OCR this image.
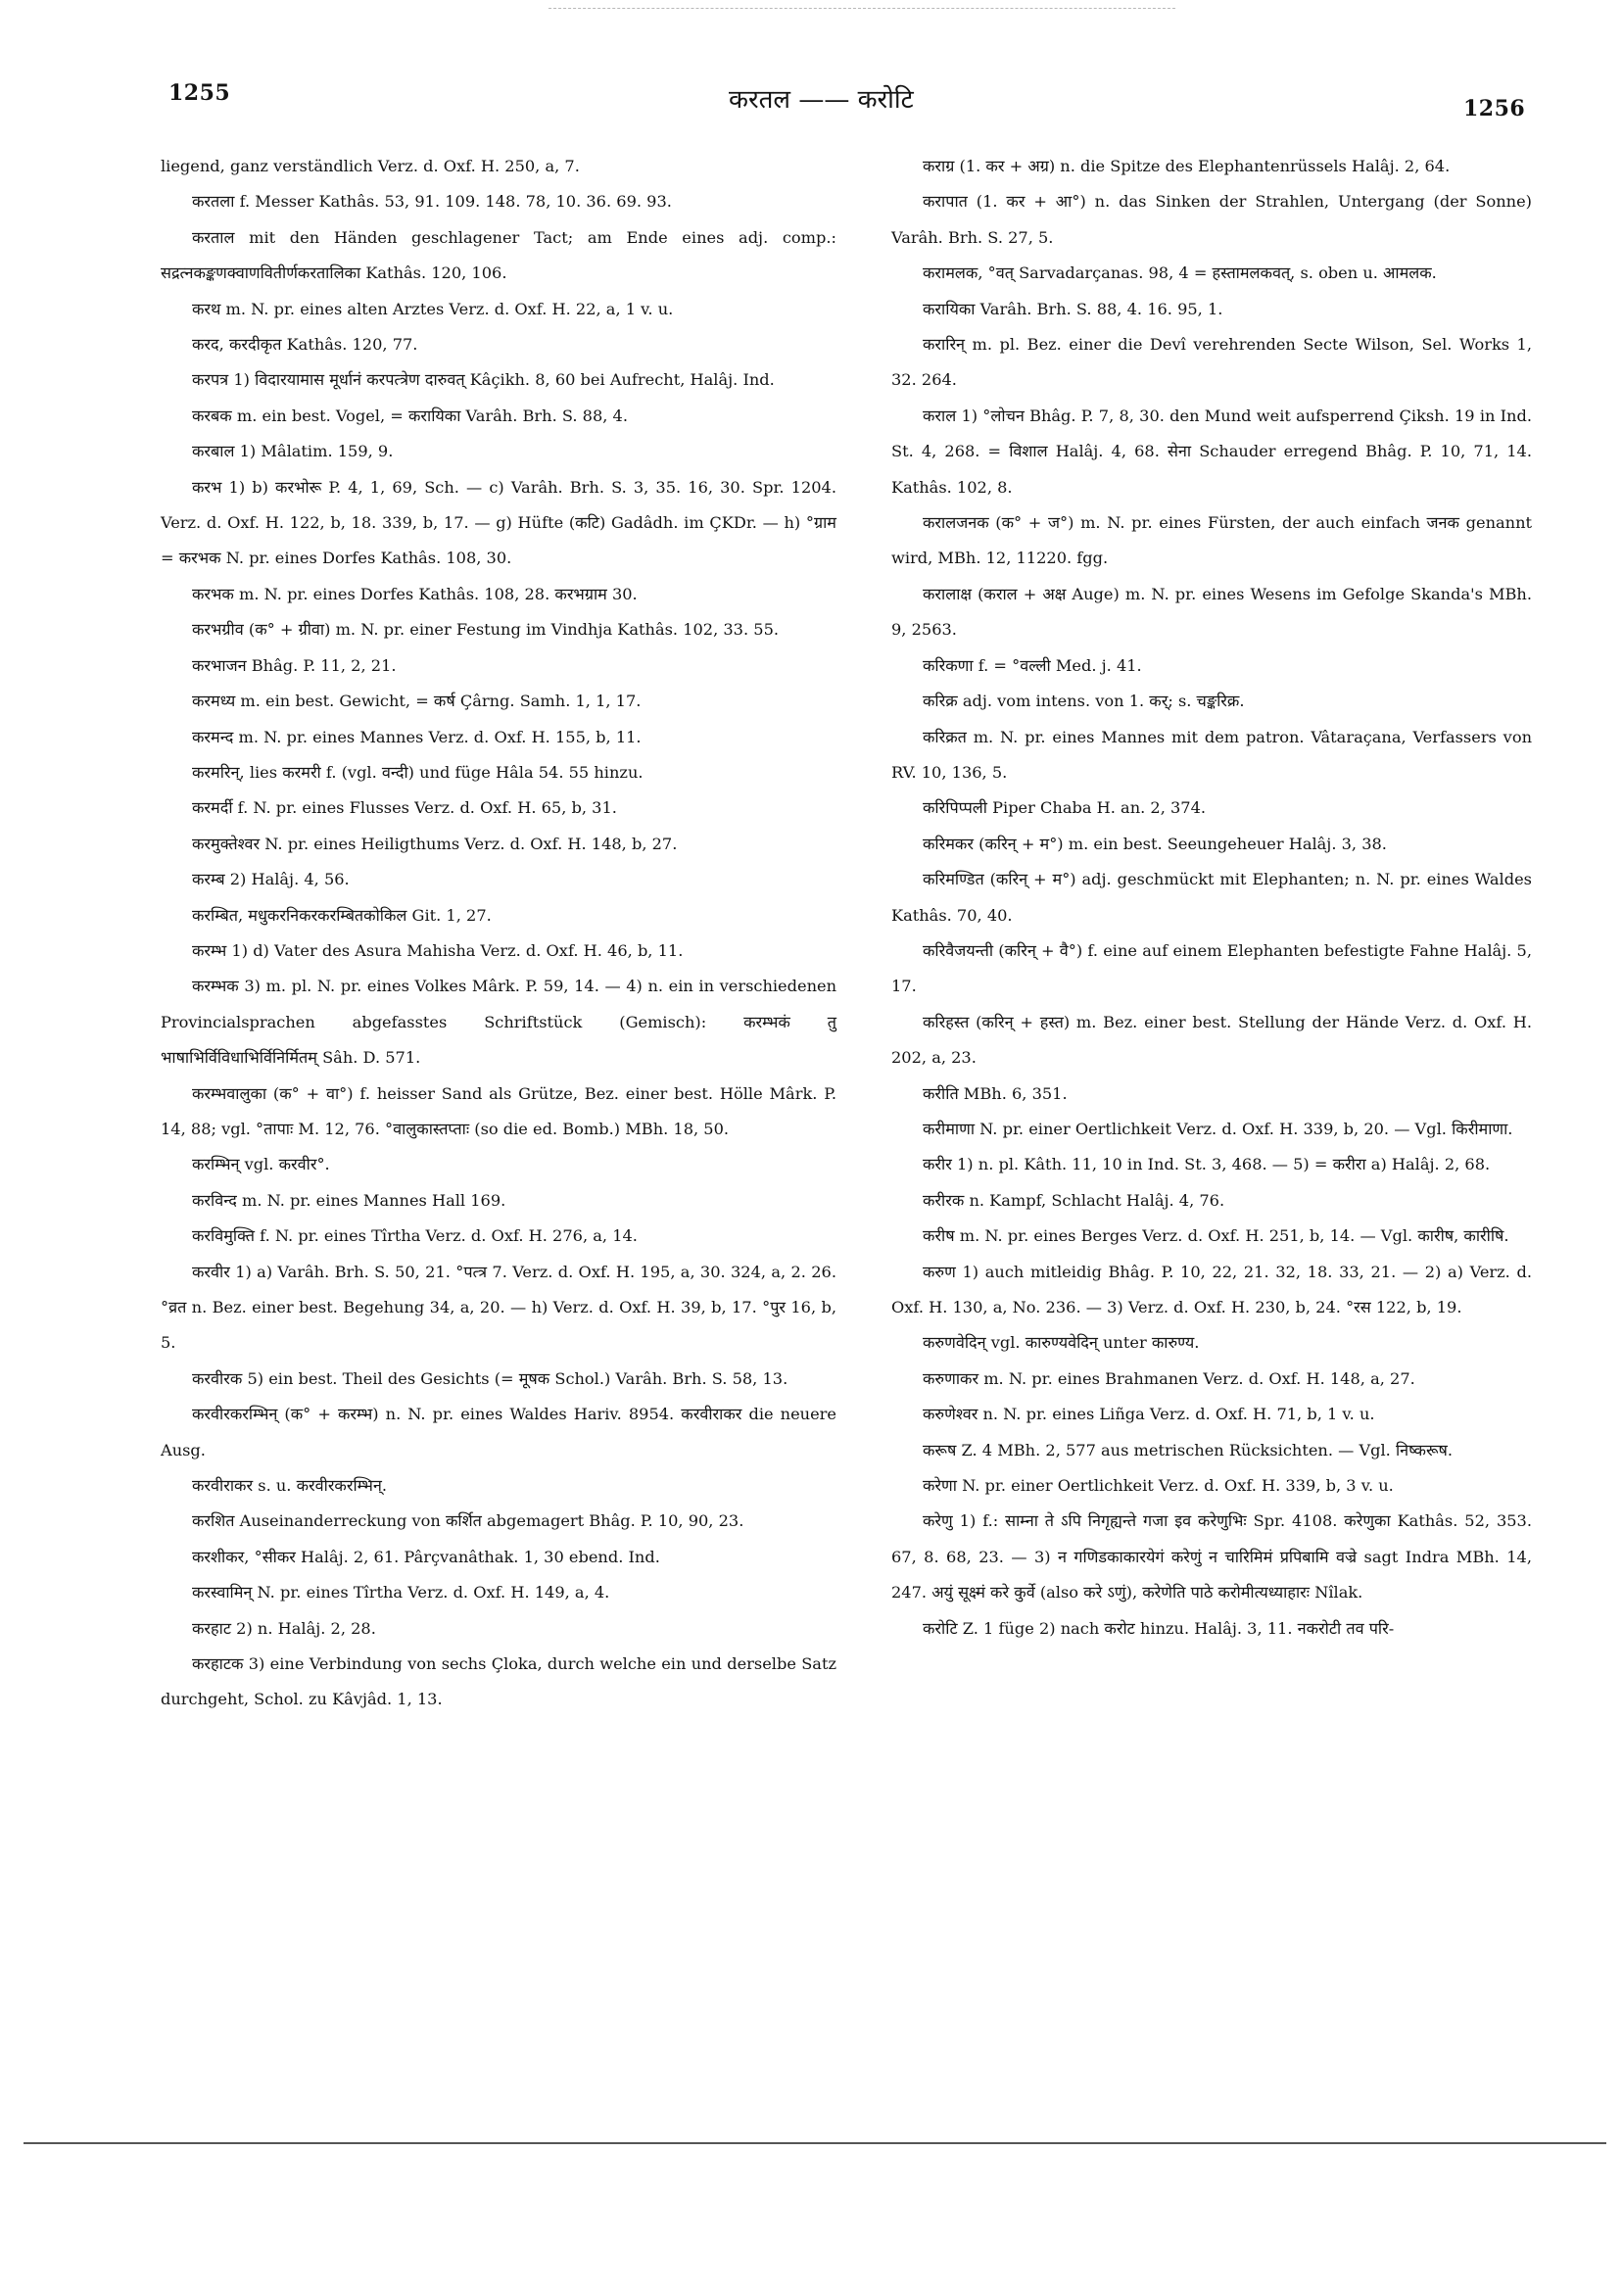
1255	करतल —— करोटि	1256

liegend, ganz verständlich Verz. d. Oxf. H. 250, a, 7.

करतला f. Messer Kathâs. 53, 91. 109. 148. 78, 10. 36. 69. 93.

करताल mit den Händen geschlagener Tact; am Ende eines adj. comp.: सद्रत्नकङ्कणक्वाणवितीर्णकरतालिका Kathâs. 120, 106.

करथ m. N. pr. eines alten Arztes Verz. d. Oxf. H. 22, a, 1 v. u.

करद, करदीकृत Kathâs. 120, 77.

करपत्र 1) विदारयामास मूर्धानं करपत्त्रेण दारुवत् Kâçikh. 8, 60 bei Aufrecht, Halâj. Ind.

करबक m. ein best. Vogel, = करायिका Varâh. Brh. S. 88, 4.

करबाल 1) Mâlatim. 159, 9.

करभ 1) b) करभोरू P. 4, 1, 69, Sch. — c) Varâh. Brh. S. 3, 35. 16, 30. Spr. 1204. Verz. d. Oxf. H. 122, b, 18. 339, b, 17. — g) Hüfte (कटि) Gadâdh. im ÇKDr. — h) °ग्राम = करभक N. pr. eines Dorfes Kathâs. 108, 30.

करभक m. N. pr. eines Dorfes Kathâs. 108, 28. करभग्राम 30.

करभग्रीव (क° + ग्रीवा) m. N. pr. einer Festung im Vindhja Kathâs. 102, 33. 55.

करभाजन Bhâg. P. 11, 2, 21.

करमध्य m. ein best. Gewicht, = कर्ष Çârng. Samh. 1, 1, 17.

करमन्द m. N. pr. eines Mannes Verz. d. Oxf. H. 155, b, 11.

करमरिन्, lies करमरी f. (vgl. वन्दी) und füge Hâla 54. 55 hinzu.

करमर्दी f. N. pr. eines Flusses Verz. d. Oxf. H. 65, b, 31.

करमुक्तेश्वर N. pr. eines Heiligthums Verz. d. Oxf. H. 148, b, 27.

करम्ब 2) Halâj. 4, 56.

करम्बित, मधुकरनिकरकरम्बितकोकिल Git. 1, 27.

करम्भ 1) d) Vater des Asura Mahisha Verz. d. Oxf. H. 46, b, 11.

करम्भक 3) m. pl. N. pr. eines Volkes Mârk. P. 59, 14. — 4) n. ein in verschiedenen Provincialsprachen abgefasstes Schriftstück (Gemisch): करम्भकं तु भाषाभिर्विविधाभिर्विनिर्मितम् Sâh. D. 571.

करम्भवालुका (क° + वा°) f. heisser Sand als Grütze, Bez. einer best. Hölle Mârk. P. 14, 88; vgl. °तापाः M. 12, 76. °वालुकास्तप्ताः (so die ed. Bomb.) MBh. 18, 50.

करम्भिन् vgl. करवीर°.

करविन्द m. N. pr. eines Mannes Hall 169.

करविमुक्ति f. N. pr. eines Tîrtha Verz. d. Oxf. H. 276, a, 14.

करवीर 1) a) Varâh. Brh. S. 50, 21. °पत्त्र 7. Verz. d. Oxf. H. 195, a, 30. 324, a, 2. 26. °व्रत n. Bez. einer best. Begehung 34, a, 20. — h) Verz. d. Oxf. H. 39, b, 17. °पुर 16, b, 5.

करवीरक 5) ein best. Theil des Gesichts (= मूषक Schol.) Varâh. Brh. S. 58, 13.

करवीरकरम्भिन् (क° + करम्भ) n. N. pr. eines Waldes Hariv. 8954. करवीराकर die neuere Ausg.

करवीराकर s. u. करवीरकरम्भिन्.

करशित Auseinanderreckung von कर्शित abgemagert Bhâg. P. 10, 90, 23.

करशीकर, °सीकर Halâj. 2, 61. Pârçvanâthak. 1, 30 ebend. Ind.

करस्वामिन् N. pr. eines Tîrtha Verz. d. Oxf. H. 149, a, 4.

करहाट 2) n. Halâj. 2, 28.

करहाटक 3) eine Verbindung von sechs Çloka, durch welche ein und derselbe Satz durchgeht, Schol. zu Kâvjâd. 1, 13.

कराग्र (1. कर + अग्र) n. die Spitze des Elephantenrüssels Halâj. 2, 64.

करापात (1. कर + आ°) n. das Sinken der Strahlen, Untergang (der Sonne) Varâh. Brh. S. 27, 5.

करामलक, °वत् Sarvadarçanas. 98, 4 = हस्तामलकवत्, s. oben u. आमलक.

करायिका Varâh. Brh. S. 88, 4. 16. 95, 1.

करारिन् m. pl. Bez. einer die Devî verehrenden Secte Wilson, Sel. Works 1, 32. 264.

कराल 1) °लोचन Bhâg. P. 7, 8, 30. den Mund weit aufsperrend Çiksh. 19 in Ind. St. 4, 268. = विशाल Halâj. 4, 68. सेना Schauder erregend Bhâg. P. 10, 71, 14. Kathâs. 102, 8.

करालजनक (क° + ज°) m. N. pr. eines Fürsten, der auch einfach जनक genannt wird, MBh. 12, 11220. fgg.

करालाक्ष (कराल + अक्ष Auge) m. N. pr. eines Wesens im Gefolge Skanda's MBh. 9, 2563.

करिकणा f. = °वल्ली Med. j. 41.

करिक्र adj. vom intens. von 1. कर्; s. चङ्करिक्र.

करिक्रत m. N. pr. eines Mannes mit dem patron. Vâtaraçana, Verfassers von RV. 10, 136, 5.

करिपिप्पली Piper Chaba H. an. 2, 374.

करिमकर (करिन् + म°) m. ein best. Seeungeheuer Halâj. 3, 38.

करिमण्डित (करिन् + म°) adj. geschmückt mit Elephanten; n. N. pr. eines Waldes Kathâs. 70, 40.

करिवैजयन्ती (करिन् + वै°) f. eine auf einem Elephanten befestigte Fahne Halâj. 5, 17.

करिहस्त (करिन् + हस्त) m. Bez. einer best. Stellung der Hände Verz. d. Oxf. H. 202, a, 23.

करीति MBh. 6, 351.

करीमाणा N. pr. einer Oertlichkeit Verz. d. Oxf. H. 339, b, 20. — Vgl. किरीमाणा.

करीर 1) n. pl. Kâth. 11, 10 in Ind. St. 3, 468. — 5) = करीरा a) Halâj. 2, 68.

करीरक n. Kampf, Schlacht Halâj. 4, 76.

करीष m. N. pr. eines Berges Verz. d. Oxf. H. 251, b, 14. — Vgl. कारीष, कारीषि.

करुण 1) auch mitleidig Bhâg. P. 10, 22, 21. 32, 18. 33, 21. — 2) a) Verz. d. Oxf. H. 130, a, No. 236. — 3) Verz. d. Oxf. H. 230, b, 24. °रस 122, b, 19.

करुणवेदिन् vgl. कारुण्यवेदिन् unter कारुण्य.

करुणाकर m. N. pr. eines Brahmanen Verz. d. Oxf. H. 148, a, 27.

करुणेश्वर n. N. pr. eines Liñga Verz. d. Oxf. H. 71, b, 1 v. u.

करूष Z. 4 MBh. 2, 577 aus metrischen Rücksichten. — Vgl. निष्करूष.

करेणा N. pr. einer Oertlichkeit Verz. d. Oxf. H. 339, b, 3 v. u.

करेणु 1) f.: साम्ना ते ऽपि निगृह्यन्ते गजा इव करेणुभिः Spr. 4108. करेणुका Kathâs. 52, 353. 67, 8. 68, 23. — 3) न गणिडकाकारयेगं करेणुं न चारिमिमं प्रपिबामि वज्रे sagt Indra MBh. 14, 247. अयुं सूक्ष्मं करे कुर्वे (also करे ऽणुं), करेणेति पाठे करोमीत्यध्याहारः Nîlak.

करोटि Z. 1 füge 2) nach करोट hinzu. Halâj. 3, 11. नकरोटी तव परि-
